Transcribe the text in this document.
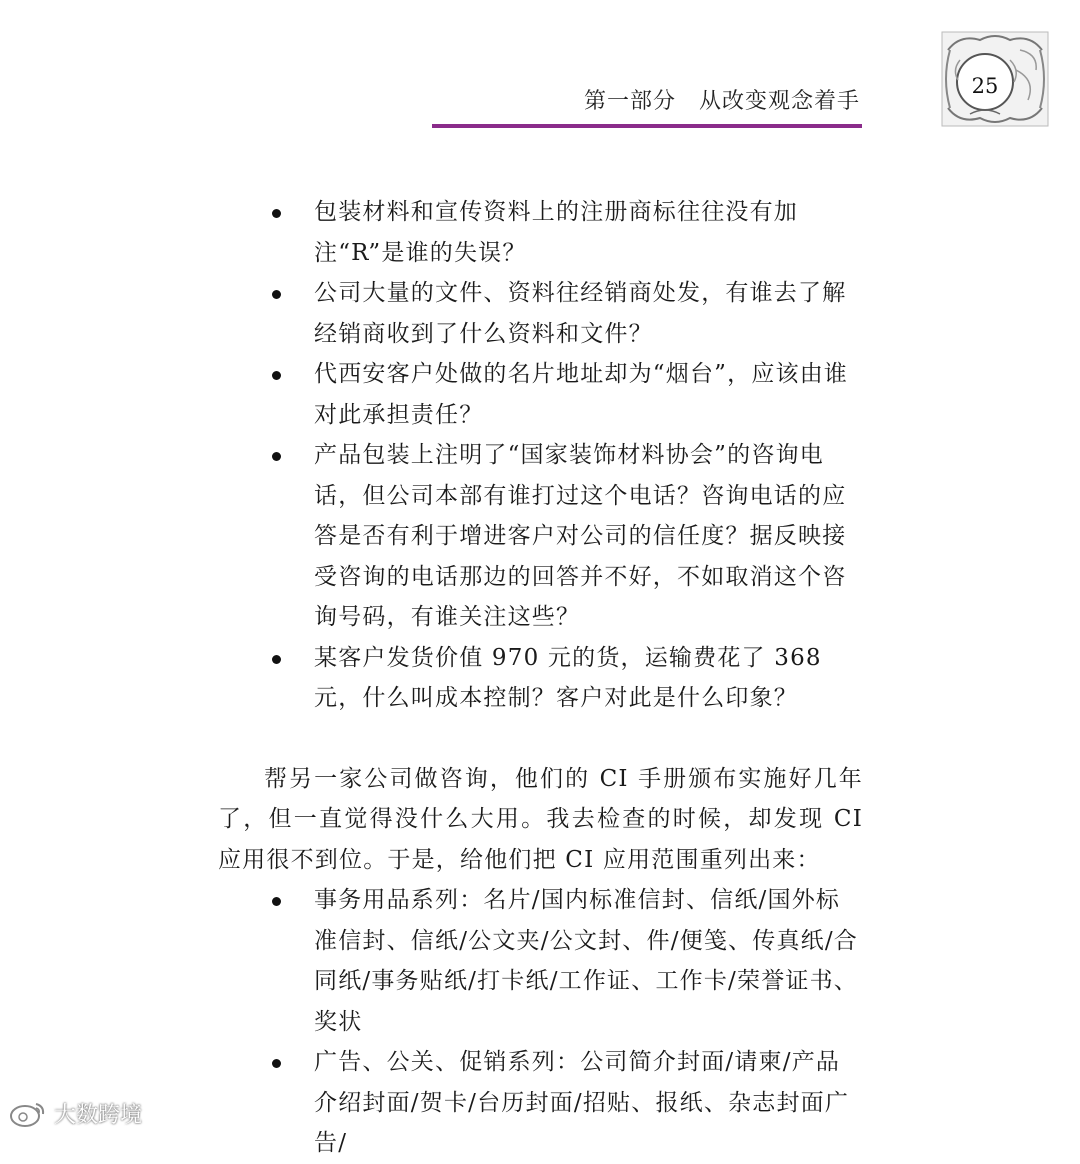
第一部分　从改变观念着手
25
包装材料和宣传资料上的注册商标往往没有加注“R”是谁的失误？
公司大量的文件、资料往经销商处发，有谁去了解经销商收到了什么资料和文件？
代西安客户处做的名片地址却为“烟台”，应该由谁对此承担责任？
产品包装上注明了“国家装饰材料协会”的咨询电话，但公司本部有谁打过这个电话？咨询电话的应答是否有利于增进客户对公司的信任度？据反映接受咨询的电话那边的回答并不好，不如取消这个咨询号码，有谁关注这些？
某客户发货价值 970 元的货，运输费花了 368 元，什么叫成本控制？客户对此是什么印象？

帮另一家公司做咨询，他们的 CI 手册颁布实施好几年了，但一直觉得没什么大用。我去检查的时候，却发现 CI 应用很不到位。于是，给他们把 CI 应用范围重列出来：

事务用品系列：名片/国内标准信封、信纸/国外标准信封、信纸/公文夹/公文封、件/便笺、传真纸/合同纸/事务贴纸/打卡纸/工作证、工作卡/荣誉证书、奖状
广告、公关、促销系列：公司简介封面/请柬/产品介绍封面/贺卡/台历封面/招贴、报纸、杂志封面广告/
大数跨境
